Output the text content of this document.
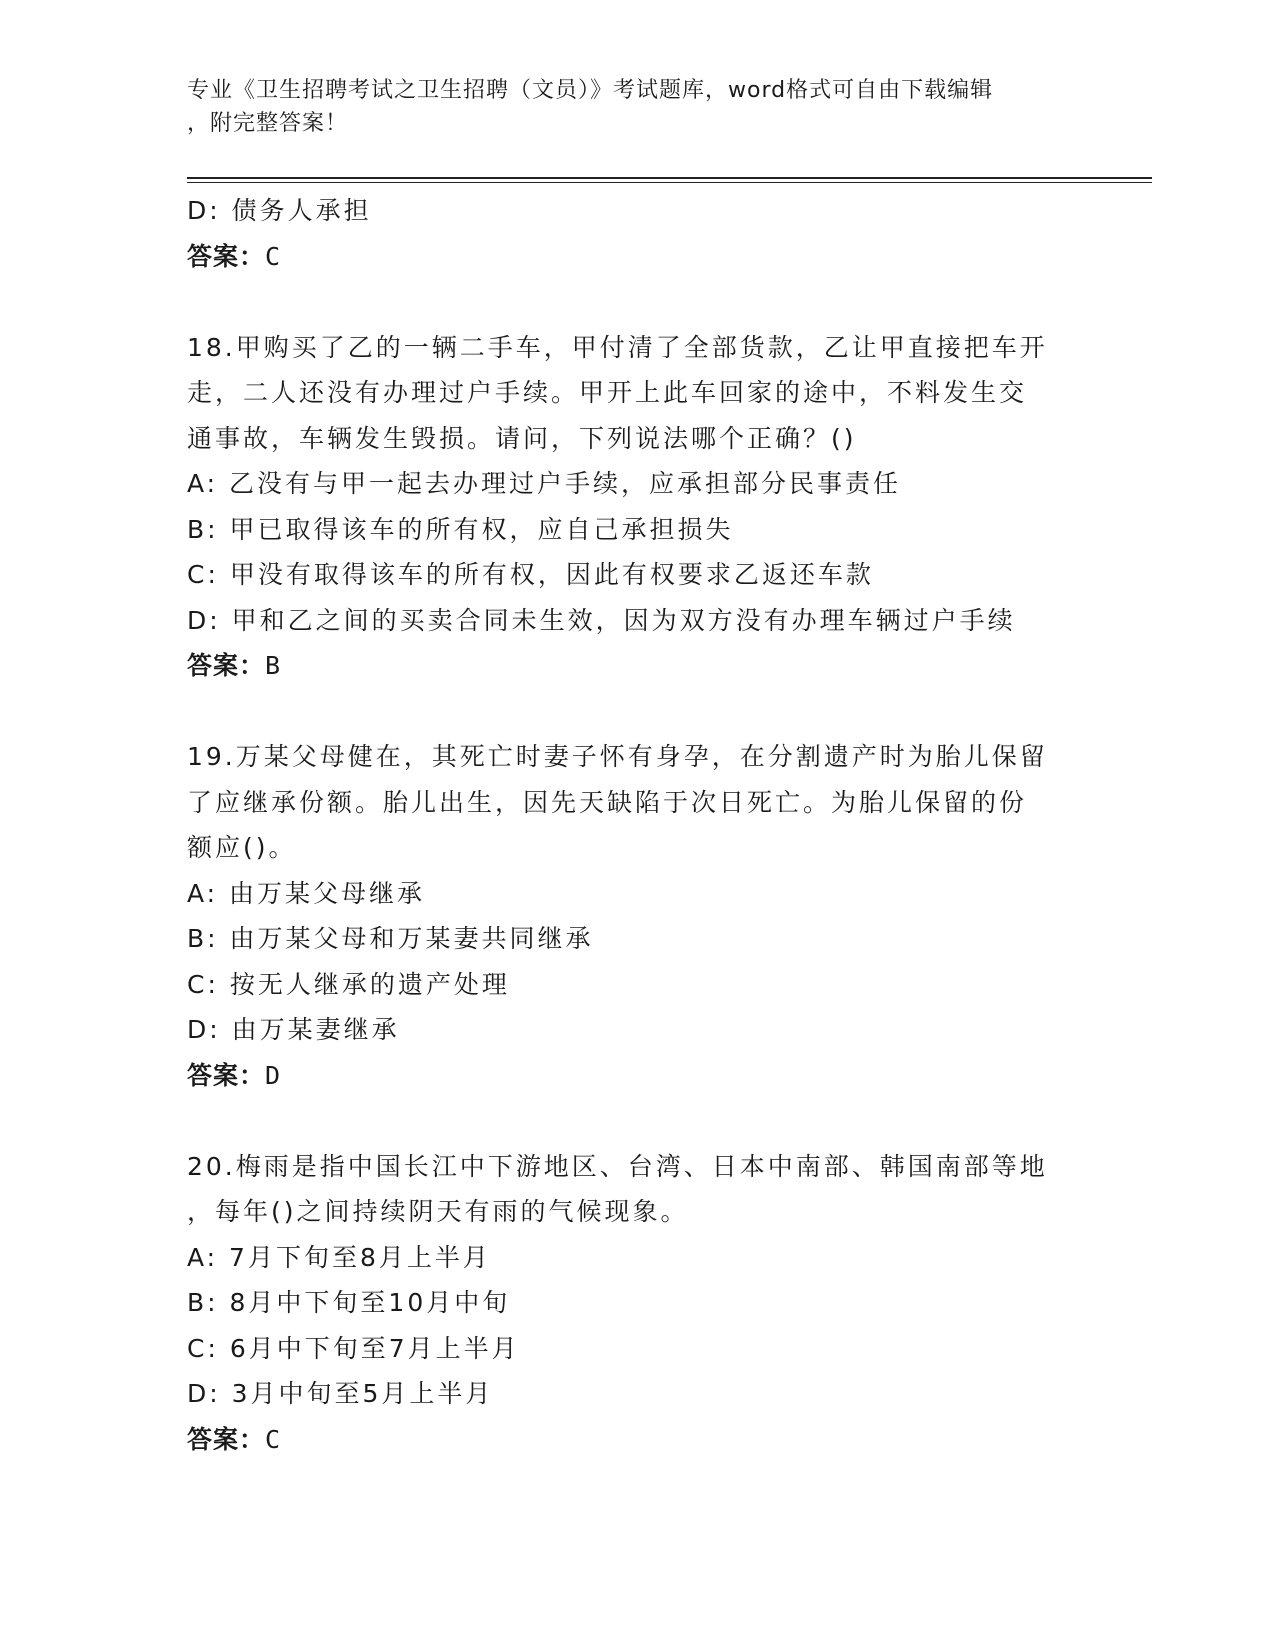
专业《卫生招聘考试之卫生招聘（文员）》考试题库，word格式可自由下载编辑
，附完整答案！
D: 债务人承担
答案：C
18.甲购买了乙的一辆二手车，甲付清了全部货款，乙让甲直接把车开
走，二人还没有办理过户手续。甲开上此车回家的途中，不料发生交
通事故，车辆发生毁损。请问，下列说法哪个正确？()
A: 乙没有与甲一起去办理过户手续，应承担部分民事责任
B: 甲已取得该车的所有权，应自己承担损失
C: 甲没有取得该车的所有权，因此有权要求乙返还车款
D: 甲和乙之间的买卖合同未生效，因为双方没有办理车辆过户手续
答案：B
19.万某父母健在，其死亡时妻子怀有身孕，在分割遗产时为胎儿保留
了应继承份额。胎儿出生，因先天缺陷于次日死亡。为胎儿保留的份
额应()。
A: 由万某父母继承
B: 由万某父母和万某妻共同继承
C: 按无人继承的遗产处理
D: 由万某妻继承
答案：D
20.梅雨是指中国长江中下游地区、台湾、日本中南部、韩国南部等地
，每年()之间持续阴天有雨的气候现象。
A: 7月下旬至8月上半月
B: 8月中下旬至10月中旬
C: 6月中下旬至7月上半月
D: 3月中旬至5月上半月
答案：C
